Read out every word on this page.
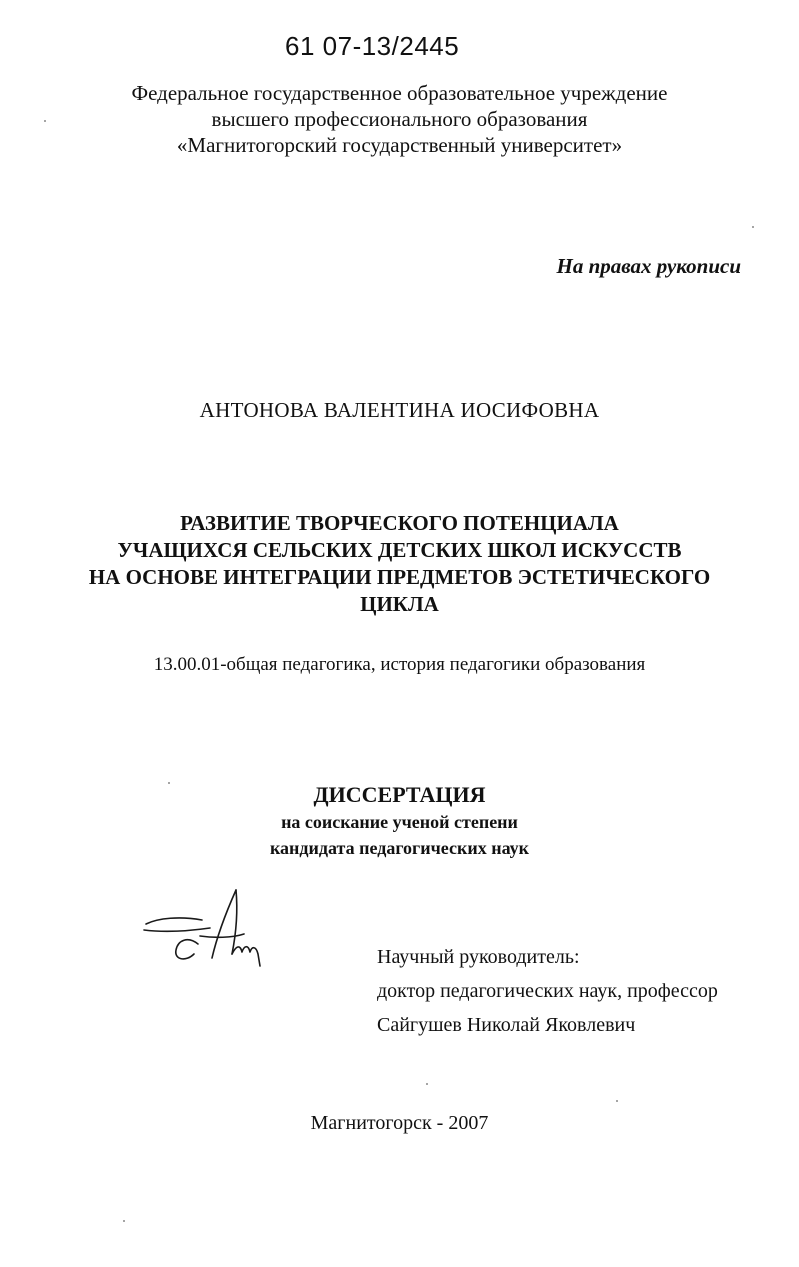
61 07-13/2445
Федеральное государственное образовательное учреждение
высшего профессионального образования
«Магнитогорский государственный университет»
На правах рукописи
АНТОНОВА ВАЛЕНТИНА ИОСИФОВНА
РАЗВИТИЕ ТВОРЧЕСКОГО ПОТЕНЦИАЛА
УЧАЩИХСЯ СЕЛЬСКИХ ДЕТСКИХ ШКОЛ ИСКУССТВ
НА ОСНОВЕ ИНТЕГРАЦИИ ПРЕДМЕТОВ ЭСТЕТИЧЕСКОГО
ЦИКЛА
13.00.01-общая педагогика, история педагогики образования
ДИССЕРТАЦИЯ
на соискание ученой степени
кандидата педагогических наук
Научный руководитель:
доктор педагогических наук, профессор
Сайгушев Николай Яковлевич
Магнитогорск - 2007
